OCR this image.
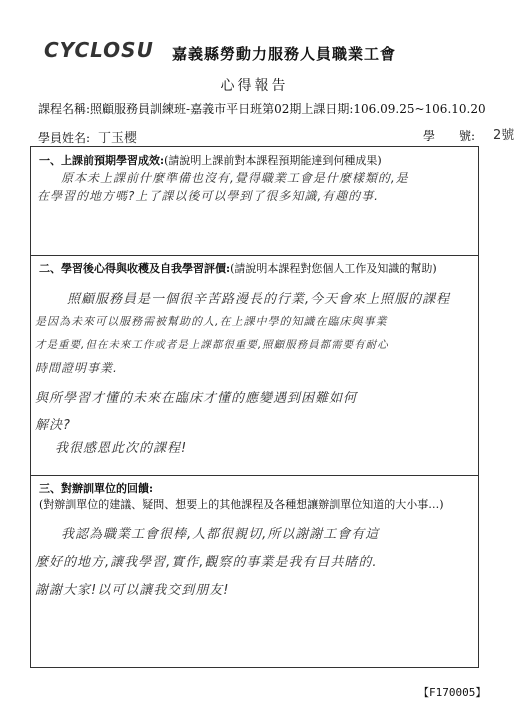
CYCLOSU 嘉義縣勞動力服務人員職業工會
心得報告
課程名稱:照顧服務員訓練班-嘉義市平日班第02期上課日期:106.09.25~106.10.20
學員姓名: 丁玉櫻	學　　號: 2號
一、上課前預期學習成效:(請說明上課前對本課程預期能達到何種成果)
原本未上課前什麼準備也沒有,覺得職業工會是什麼樣類的,是
在學習的地方嗎?上了課以後可以學到了很多知識,有趣的事.
二、學習後心得與收穫及自我學習評價:(請說明本課程對您個人工作及知識的幫助)
照顧服務員是一個很辛苦路漫長的行業,今天會來上照服的課程
是因為未來可以服務需被幫助的人,在上課中學的知識在臨床與事業
才是重要,但在未來工作或者是上課都很重要,照顧服務員都需要有耐心
時間證明事業.
與所學習才懂的未來在臨床才懂的應變遇到困難如何
解決?
我很感恩此次的課程!
三、對辦訓單位的回饋:
(對辦訓單位的建議、疑問、想要上的其他課程及各種想讓辦訓單位知道的大小事…)
我認為職業工會很棒,人都很親切,所以謝謝工會有這
麼好的地方,讓我學習,實作,觀察的事業是我有目共睹的.
謝謝大家!以可以讓我交到朋友!
【F170005】
